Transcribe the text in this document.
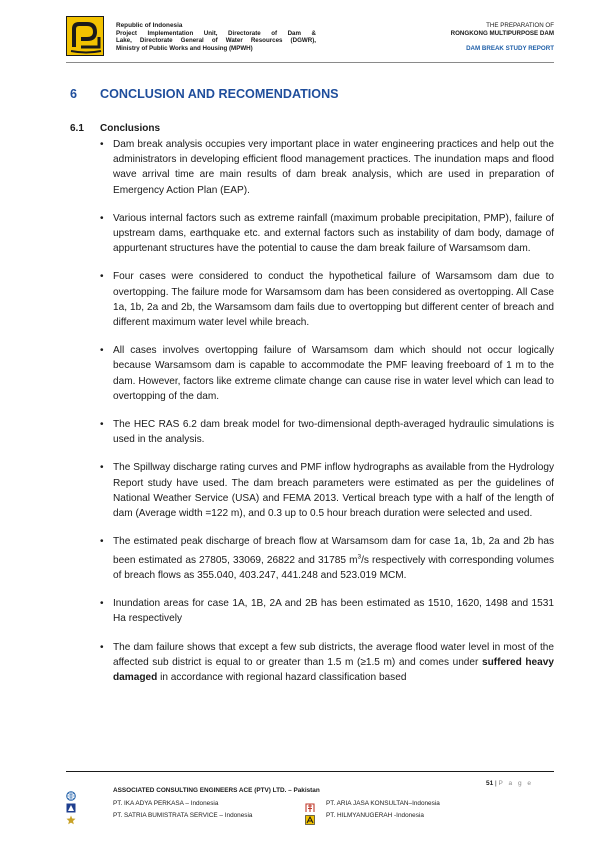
Republic of Indonesia
Project Implementation Unit, Directorate of Dam &
Lake, Directorate General of Water Resources (DGWR),
Ministry of Public Works and Housing (MPWH)
THE PREPARATION OF
RONGKONG MULTIPURPOSE DAM
DAM BREAK STUDY REPORT
6 CONCLUSION AND RECOMENDATIONS
6.1 Conclusions
• Dam break analysis occupies very important place in water engineering practices and help out the administrators in developing efficient flood management practices. The inundation maps and flood wave arrival time are main results of dam break analysis, which are used in preparation of Emergency Action Plan (EAP).
• Various internal factors such as extreme rainfall (maximum probable precipitation, PMP), failure of upstream dams, earthquake etc. and external factors such as instability of dam body, damage of appurtenant structures have the potential to cause the dam break failure of Warsamsom dam.
• Four cases were considered to conduct the hypothetical failure of Warsamsom dam due to overtopping. The failure mode for Warsamsom dam has been considered as overtopping. All Case 1a, 1b, 2a and 2b, the Warsamsom dam fails due to overtopping but different center of breach and different maximum water level while breach.
• All cases involves overtopping failure of Warsamsom dam which should not occur logically because Warsamsom dam is capable to accommodate the PMF leaving freeboard of 1 m to the dam. However, factors like extreme climate change can cause rise in water level which can lead to overtopping of the dam.
• The HEC RAS 6.2 dam break model for two-dimensional depth-averaged hydraulic simulations is used in the analysis.
• The Spillway discharge rating curves and PMF inflow hydrographs as available from the Hydrology Report study have used. The dam breach parameters were estimated as per the guidelines of National Weather Service (USA) and FEMA 2013. Vertical breach type with a half of the length of dam (Average width =122 m), and 0.3 up to 0.5 hour breach duration were selected and used.
• The estimated peak discharge of breach flow at Warsamsom dam for case 1a, 1b, 2a and 2b has been estimated as 27805, 33069, 26822 and 31785 $m^3/s$ respectively with corresponding volumes of breach flows as 355.040, 403.247, 441.248 and 523.019 MCM.
• Inundation areas for case 1A, 1B, 2A and 2B has been estimated as 1510, 1620, 1498 and 1531 Ha respectively
• The dam failure shows that except a few sub districts, the average flood water level in most of the affected sub district is equal to or greater than 1.5 m (≥1.5 m) and comes under suffered heavy damaged in accordance with regional hazard classification based
51 | P a g e
ASSOCIATED CONSULTING ENGINEERS ACE (PTV) LTD. – Pakistan
PT. IKA ADYA PERKASA – Indonesia
PT. SATRIA BUMISTRATA SERVICE – Indonesia
PT. ARIA JASA KONSULTAN–Indonesia
PT. HILMYANUGERAH -Indonesia
